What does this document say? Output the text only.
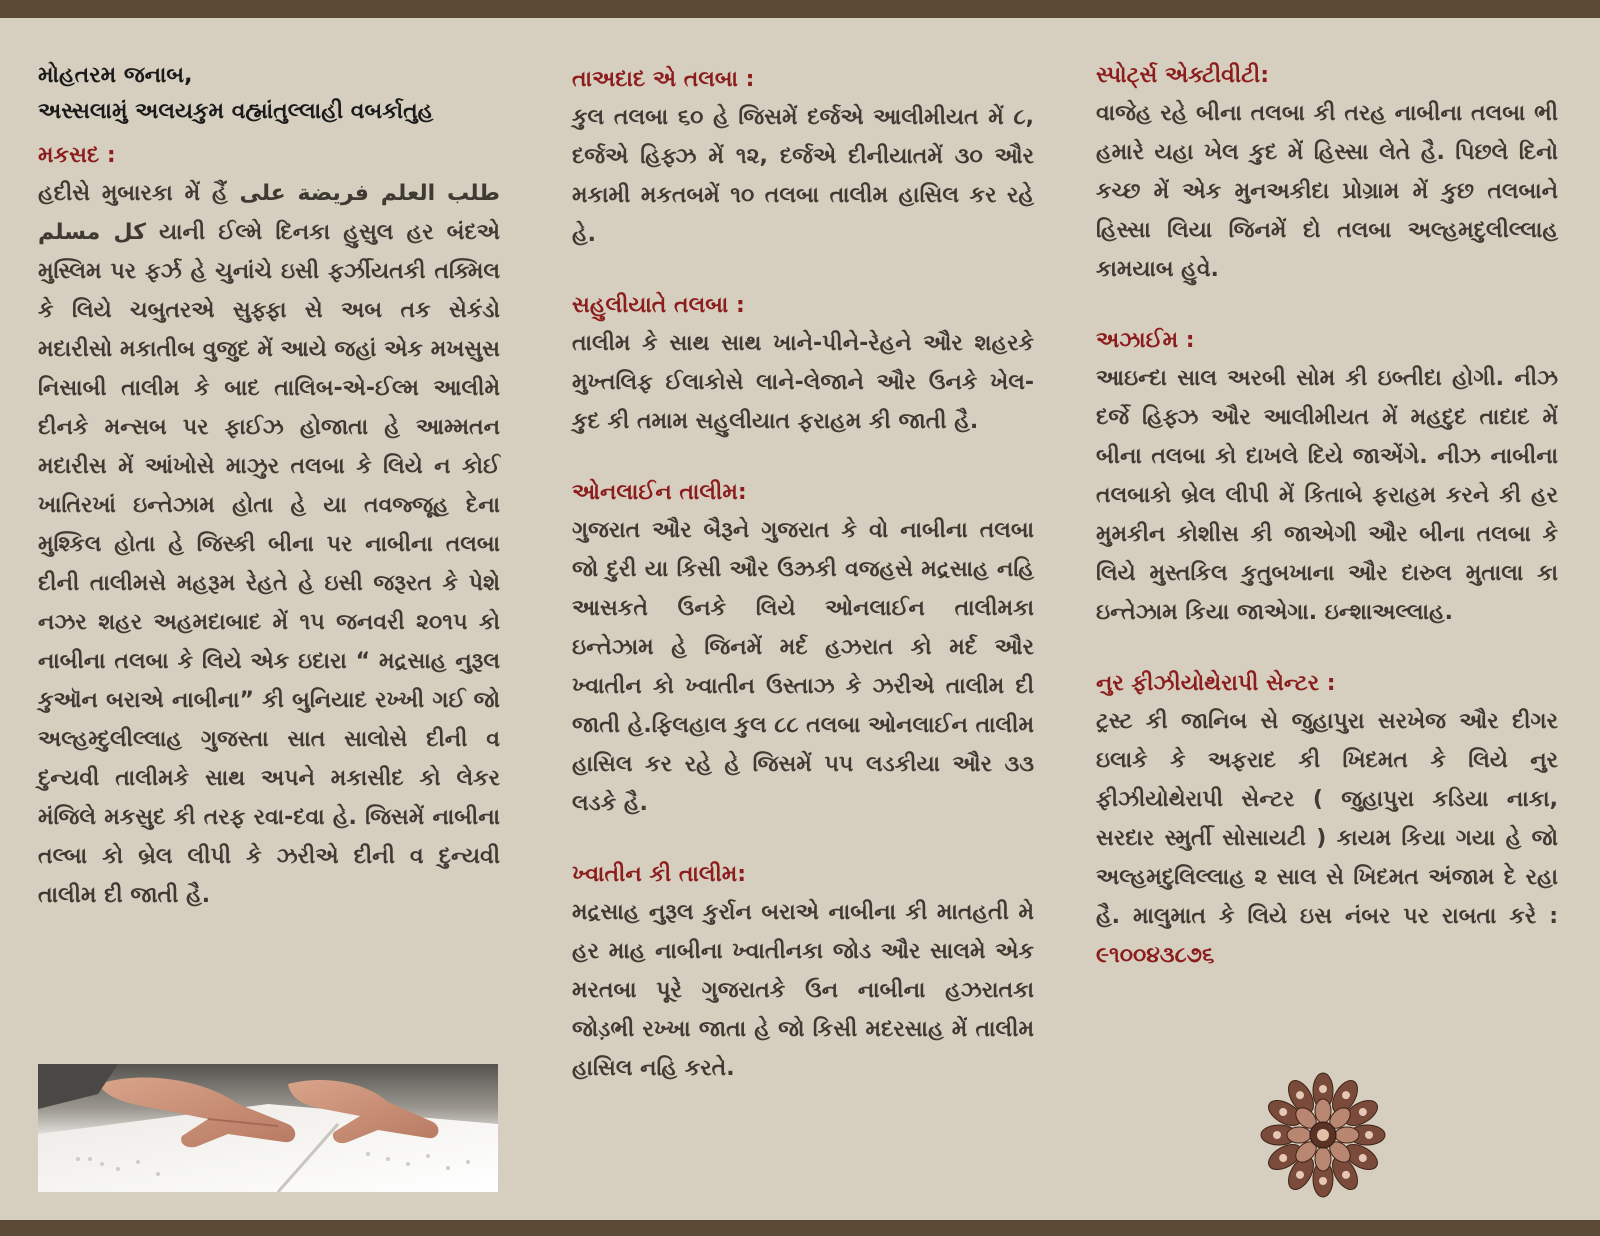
મોહતરમ જનાબ,

અસ્સલામું અલયકુમ વહ્માંતુલ્લાહી વબર્કાતુહ

મકસદ :

હદીસે મુબારકા મેં હૈં طلب العلم فريضة على كل مسلم યાની ઈલ્મે દિનકા હુસુલ હર બંદએ મુસ્લિમ પર ફર્ઝ હે ચુનાંચે ઇસી ફર્ઝીયતકી તક્મિલ કે લિયે ચબુતરએ સુફ્ફા સે અબ તક સેકંડો મદારીસો મકાતીબ વુજુદ મેં આયે જહાં એક મખસુસ નિસાબી તાલીમ કે બાદ તાલિબ-એ-ઈલ્મ આલીમે દીનકે મન્સબ પર ફાઈઝ હોજાતા હે આમ્મતન મદારીસ મેં આંખોસે માઝુર તલબા કે લિયે ન કોઈ ખાતિરખાં ઇન્તેઝામ હોતા હે યા તવજ્જૂહ દેના મુશ્કિલ હોતા હે જિસ્કી બીના પર નાબીના તલબા દીની તાલીમસે મહરૂમ રેહતે હે ઇસી જરૂરત કે પેશે નઝર શહર અહમદાબાદ મેં ૧૫ જનવરી ૨૦૧૫ કો નાબીના તલબા કે લિયે એક ઇદારા “ મદ્રસાહ નુરૂલ કુઑન બરાએ નાબીના” કી બુનિયાદ રખ્ખી ગઈ જો અલ્હમ્દુલીલ્લાહ ગુજસ્તા સાત સાલોસે દીની વ દુન્યવી તાલીમકે સાથ અપને મકાસીદ કો લેકર મંજિલે મકસુદ કી તરફ રવા-દવા હે. જિસમેં નાબીના તલ્બા કો બ્રેલ લીપી કે ઝરીએ દીની વ દુન્યવી તાલીમ દી જાતી હૈ.

તાઅદાદ એ તલબા :

કુલ તલબા ૬૦ હે જિસમેં દર્જએ આલીમીયત મેં ૮, દર્જએ હિફ્ઝ મેં ૧૨, દર્જએ દીનીયાતમેં ૩૦ ઔર મકામી મકતબમેં ૧૦ તલબા તાલીમ હાસિલ કર રહે હે.

સહુલીયાતે તલબા :

તાલીમ કે સાથ સાથ ખાને-પીને-રેહને ઔર શહરકે મુખ્તલિફ ઈલાકોસે લાને-લેજાને ઔર ઉનકે ખેલ-કુદ કી તમામ સહુલીયાત ફરાહમ કી જાતી હૈ.

ઓનલાઈન તાલીમ:

ગુજરાત ઔર બૈરૂને ગુજરાત કે વો નાબીના તલબા જો દુરી યા કિસી ઔર ઉઝ્રકી વજહસે મદ્રસાહ નહિ આસકતે ઉનકે લિયે ઓનલાઈન તાલીમકા ઇન્તેઝામ હે જિનમેં મર્દ હઝરાત કો મર્દ ઔર ખ્વાતીન કો ખ્વાતીન ઉસ્તાઝ કે ઝરીએ તાલીમ દી જાતી હે.ફિલહાલ કુલ ૮૮ તલબા ઓનલાઈન તાલીમ હાસિલ કર રહે હે જિસમેં ૫૫ લડકીયા ઔર ૩૩ લડકે હૈ.

ખ્વાતીન કી તાલીમ:

મદ્રસાહ નુરૂલ કુર્રાન બરાએ નાબીના કી માતહતી મે હર માહ નાબીના ખ્વાતીનકા જોડ ઔર સાલમે એક મરતબા પૂરે ગુજરાતકે ઉન નાબીના હઝરાતકા જોડ઼ભી રખ્ખા જાતા હે જો કિસી મદરસાહ મેં તાલીમ હાસિલ નહિ કરતે.

સ્પોર્ટ્સ એક્ટીવીટી:

વાજેહ રહે બીના તલબા કી તરહ નાબીના તલબા ભી હમારે યહા ખેલ કુદ મેં હિસ્સા લેતે હૈ. પિછલે દિનો કચ્છ મેં એક મુનઅકીદા પ્રોગ્રામ મેં કુછ તલબાને હિસ્સા લિયા જિનમેં દો તલબા અલ્હમદુલીલ્લાહ કામયાબ હુવે.

અઝાઈમ :

આઇન્દા સાલ અરબી સોમ કી ઇબ્તીદા હોગી. નીઝ દર્જે હિફ્ઝ ઔર આલીમીયત મેં મહદુદ તાદાદ મેં બીના તલબા કો દાખલે દિયે જાએંગે. નીઝ નાબીના તલબાકો બ્રેલ લીપી મેં કિતાબે ફરાહમ કરને કી હર મુમકીન કોશીસ કી જાએગી ઔર બીના તલબા કે લિયે મુસ્તકિલ કુતુબખાના ઔર દારુલ મુતાલા કા ઇન્તેઝામ કિયા જાએગા. ઇન્શાઅલ્લાહ.

નુર ફીઝીયોથેરાપી સેન્ટર :

ટ્રસ્ટ કી જાનિબ સે જુહાપુરા સરખેજ ઔર દીગર ઇલાકે કે અફરાદ કી ખિદમત કે લિયે નુર ફીઝીયોથેરાપી સેન્ટર ( જુહાપુરા કડિયા નાકા, સરદાર સ્મુર્તી સોસાયટી ) કાયમ કિયા ગયા હે જો અલ્હમદુલિલ્લાહ ૨ સાલ સે ખિદમત અંજામ દે રહા હૈ. માલુમાત કે લિયે ઇસ નંબર પર રાબતા કરે : ૯૧૦૦૪૩૮૭૬
